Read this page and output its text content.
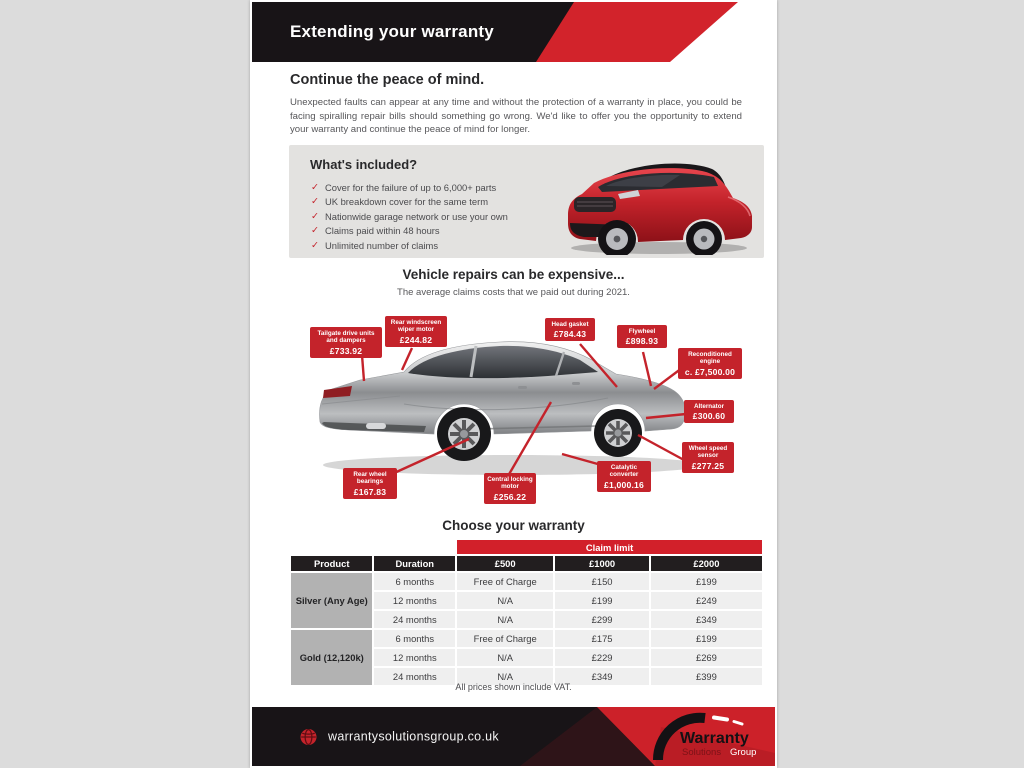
Extending your warranty
Continue the peace of mind.
Unexpected faults can appear at any time and without the protection of a warranty in place, you could be facing spiralling repair bills should something go wrong. We'd like to offer you the opportunity to extend your warranty and continue the peace of mind for longer.
What's included?
✓ Cover for the failure of up to 6,000+ parts
✓ UK breakdown cover for the same term
✓ Nationwide garage network or use your own
✓ Claims paid within 48 hours
✓ Unlimited number of claims
Vehicle repairs can be expensive...
The average claims costs that we paid out during 2021.
Tailgate drive units and dampers
£733.92
Rear windscreen wiper motor
£244.82
Head gasket
£784.43	Flywheel
£898.93
Reconditioned engine
c. £7,500.00
Alternator
£300.60
Wheel speed sensor
£277.25
Catalytic converter
£1,000.16
Central locking motor
£256.22
Rear wheel bearings
£167.83
Choose your warranty
		Claim limit		
Product	Duration	£500	£1000	£2000
Silver (Any Age)	6 months	Free of Charge	£150	£199
	12 months	N/A	£199	£249
	24 months	N/A	£299	£349
Gold (12,120k)	6 months	Free of Charge	£175	£199
	12 months	N/A	£229	£269
	24 months	N/A	£349	£399
All prices shown include VAT.
warrantysolutionsgroup.co.uk	Warranty
Solutions Group
